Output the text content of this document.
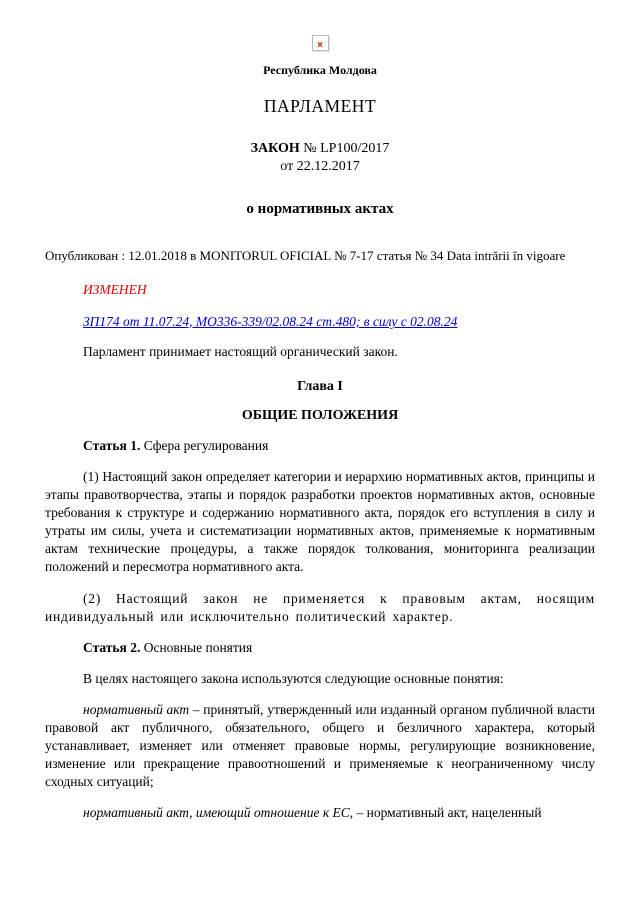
×
Республика Молдова
ПАРЛАМЕНТ
ЗАКОН № LP100/2017
от 22.12.2017
о нормативных актах
Опубликован : 12.01.2018 в MONITORUL OFICIAL № 7-17 статья № 34 Data intrării în vigoare
ИЗМЕНЕН
ЗП174 от 11.07.24, MO336-339/02.08.24 ст.480; в силу с 02.08.24

Парламент принимает настоящий органический закон.

Глава I
ОБЩИЕ ПОЛОЖЕНИЯ

Статья 1. Сфера регулирования

(1) Настоящий закон определяет категории и иерархию нормативных актов, принципы и этапы правотворчества, этапы и порядок разработки проектов нормативных актов, основные требования к структуре и содержанию нормативного акта, порядок его вступления в силу и утраты им силы, учета и систематизации нормативных актов, применяемые к нормативным актам технические процедуры, а также порядок толкования, мониторинга реализации положений и пересмотра нормативного акта.

(2) Настоящий закон не применяется к правовым актам, носящим индивидуальный или исключительно политический характер.

Статья 2. Основные понятия

В целях настоящего закона используются следующие основные понятия:

нормативный акт – принятый, утвержденный или изданный органом публичной власти правовой акт публичного, обязательного, общего и безличного характера, который устанавливает, изменяет или отменяет правовые нормы, регулирующие возникновение, изменение или прекращение правоотношений и применяемые к неограниченному числу сходных ситуаций;

нормативный акт, имеющий отношение к ЕС, – нормативный акт, нацеленный
